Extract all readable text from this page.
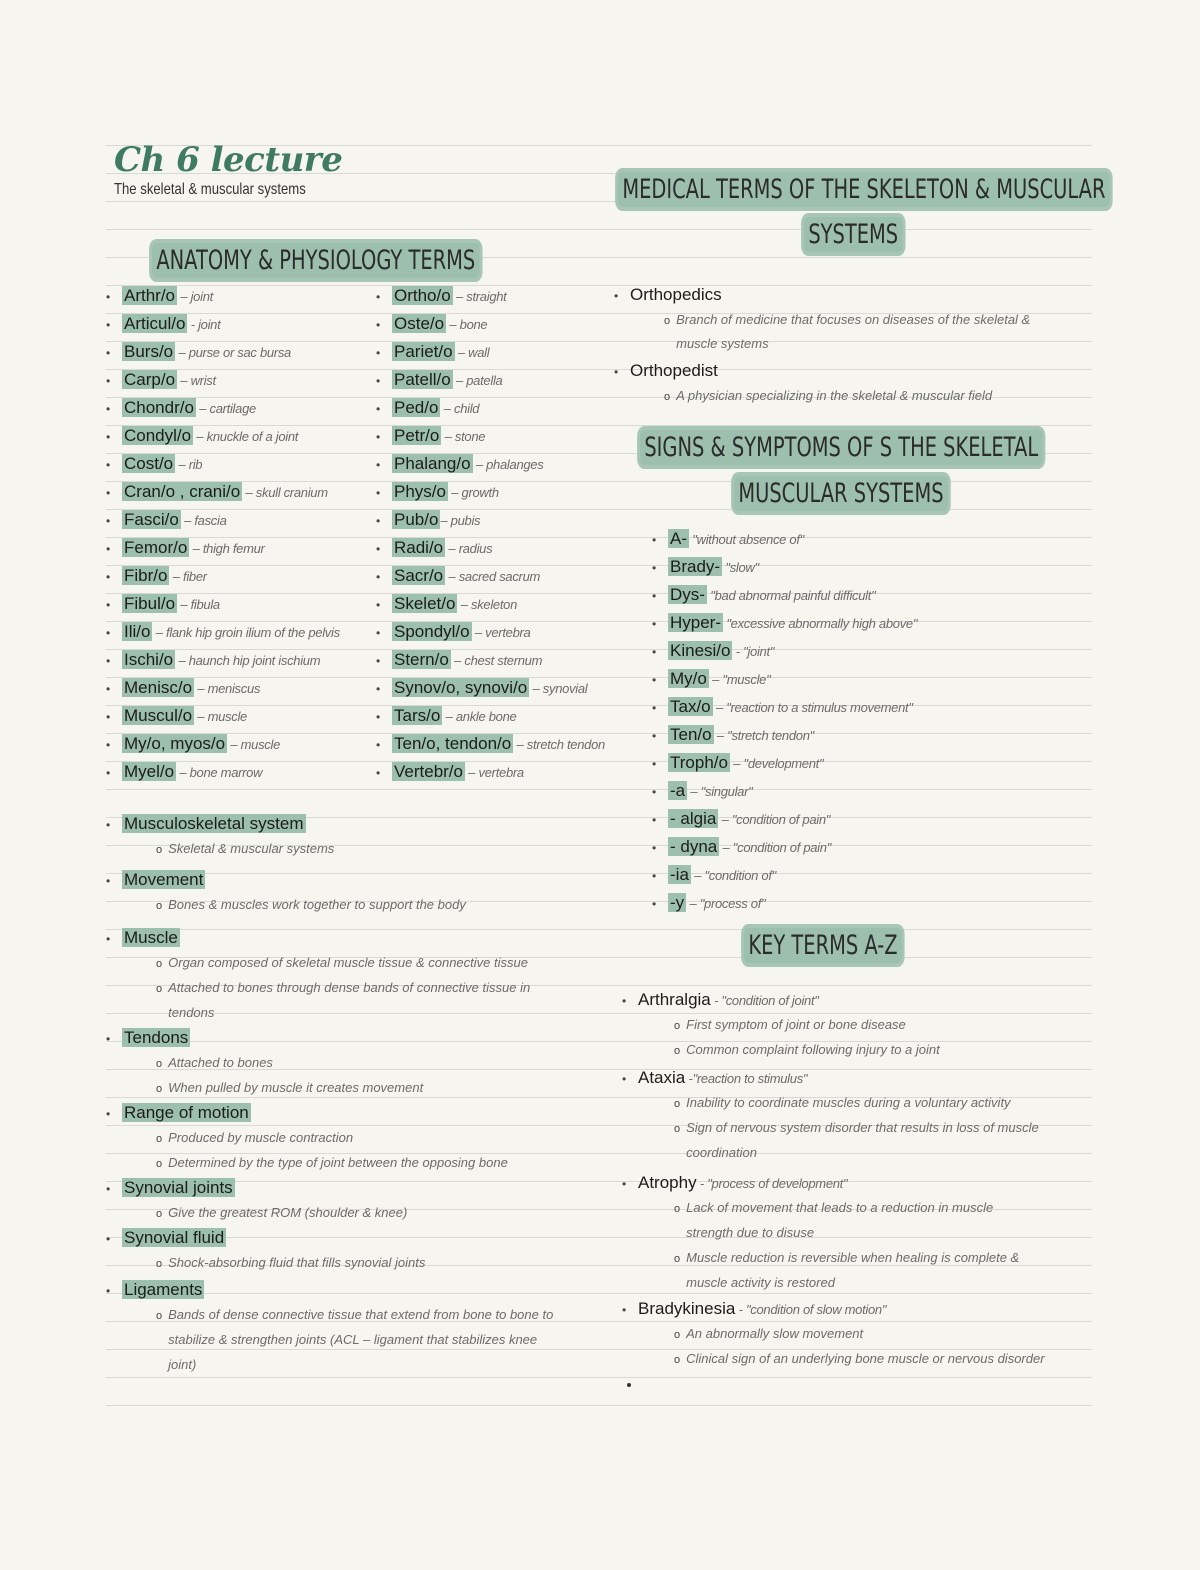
Ch 6 lecture
The skeletal & muscular systems
ANATOMY & PHYSIOLOGY TERMS
• Arthr/o – joint
• Articul/o - joint
• Burs/o – purse or sac bursa
• Carp/o – wrist
• Chondr/o – cartilage
• Condyl/o – knuckle of a joint
• Cost/o – rib
• Cran/o , crani/o – skull cranium
• Fasci/o – fascia
• Femor/o – thigh femur
• Fibr/o – fiber
• Fibul/o – fibula
• Ili/o – flank hip groin ilium of the pelvis
• Ischi/o – haunch hip joint ischium
• Menisc/o – meniscus
• Muscul/o – muscle
• My/o, myos/o – muscle
• Myel/o – bone marrow
• Ortho/o – straight
• Oste/o – bone
• Pariet/o – wall
• Patell/o – patella
• Ped/o – child
• Petr/o – stone
• Phalang/o – phalanges
• Phys/o – growth
• Pub/o – pubis
• Radi/o – radius
• Sacr/o – sacred sacrum
• Skelet/o – skeleton
• Spondyl/o – vertebra
• Stern/o – chest sternum
• Synov/o, synovi/o – synovial
• Tars/o – ankle bone
• Ten/o, tendon/o – stretch tendon
• Vertebr/o – vertebra
• Musculoskeletal system
o Skeletal & muscular systems
• Movement
o Bones & muscles work together to support the body
• Muscle
o Organ composed of skeletal muscle tissue & connective tissue
o Attached to bones through dense bands of connective tissue in
tendons
• Tendons
o Attached to bones
o When pulled by muscle it creates movement
• Range of motion
o Produced by muscle contraction
o Determined by the type of joint between the opposing bone
• Synovial joints
o Give the greatest ROM (shoulder & knee)
• Synovial fluid
o Shock-absorbing fluid that fills synovial joints
• Ligaments
o Bands of dense connective tissue that extend from bone to bone to
stabilize & strengthen joints (ACL – ligament that stabilizes knee
joint)
MEDICAL TERMS OF THE SKELETON & MUSCULAR
SYSTEMS
• Orthopedics
o Branch of medicine that focuses on diseases of the skeletal &
muscle systems
• Orthopedist
o A physician specializing in the skeletal & muscular field
SIGNS & SYMPTOMS OF S THE SKELETAL
MUSCULAR SYSTEMS
• A- "without absence of"
• Brady- "slow"
• Dys- "bad abnormal painful difficult"
• Hyper- "excessive abnormally high above"
• Kinesi/o - "joint"
• My/o – "muscle"
• Tax/o – "reaction to a stimulus movement"
• Ten/o – "stretch tendon"
• Troph/o – "development"
• -a – "singular"
• - algia – "condition of pain"
• - dyna – "condition of pain"
• -ia – "condition of"
• -y – "process of"
KEY TERMS A-Z
• Arthralgia - "condition of joint"
o First symptom of joint or bone disease
o Common complaint following injury to a joint
• Ataxia -"reaction to stimulus"
o Inability to coordinate muscles during a voluntary activity
o Sign of nervous system disorder that results in loss of muscle
coordination
• Atrophy - "process of development"
o Lack of movement that leads to a reduction in muscle
strength due to disuse
o Muscle reduction is reversible when healing is complete &
muscle activity is restored
• Bradykinesia - "condition of slow motion"
o An abnormally slow movement
o Clinical sign of an underlying bone muscle or nervous disorder
